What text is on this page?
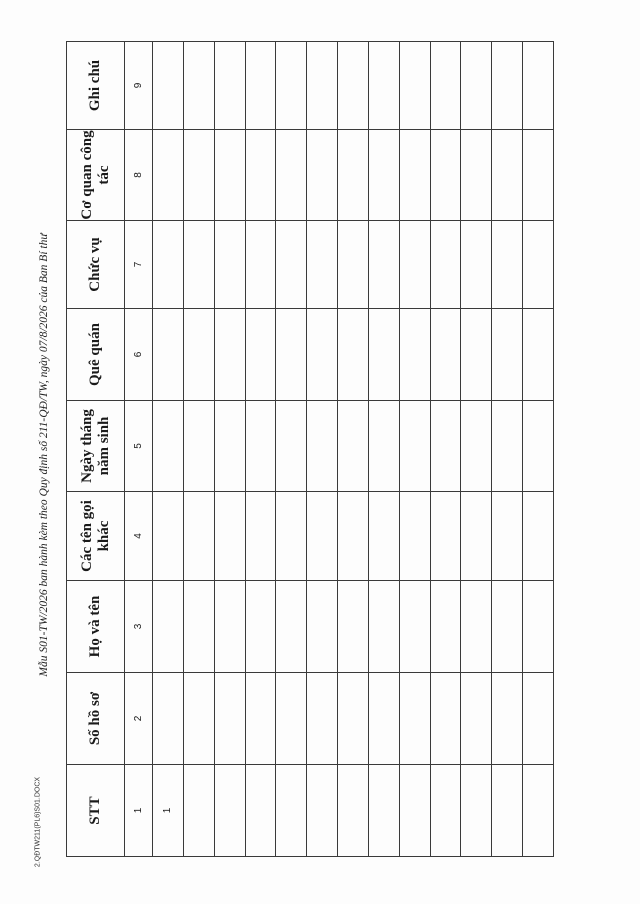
Mẫu S01-TW/2026 ban hành kèm theo Quy định số 211-QĐ/TW, ngày 07/8/2026 của Ban Bí thư
STT	Số hồ sơ	Họ và tên	Các tên gọi khác	Ngày tháng năm sinh	Quê quán	Chức vụ	Cơ quan công tác	Ghi chú
1	2	3	4	5	6	7	8	9
1								

2.QĐTW211(PL6)S01.DOCX
